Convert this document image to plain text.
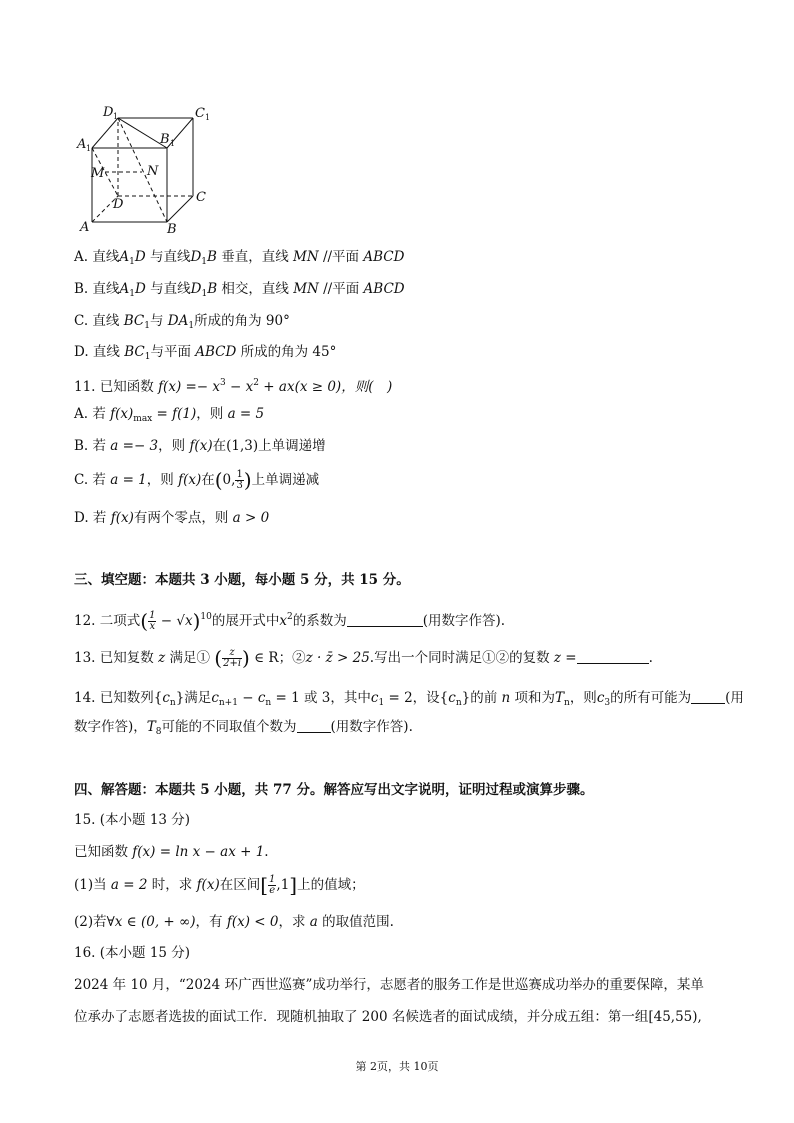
D 1	C 1
B 1
A 1
M	N
D	C
A	B
A. 直线$A_1D$ 与直线$D_1B$ 垂直，直线 MN //平面 ABCD
B. 直线$A_1D$ 与直线$D_1B$ 相交，直线 MN //平面 ABCD
C. 直线 $BC_1$与 $DA_1$所成的角为 90°
D. 直线 $BC_1$与平面 ABCD 所成的角为 45°
11. 已知函数 $f(x) =- x^3 - x^2 + ax(x \ge 0)$，则(　)
A. 若 $f(x)_{max} = f(1)$，则 a = 5
B. 若 a =− 3，则 f(x)在(1,3)上单调递增
C. 若 a = 1，则 f(x)在(0, $\frac{1}{3}$ )上单调递减
D. 若 f(x)有两个零点，则 a > 0
三、填空题：本题共 3 小题，每小题 5 分，共 15 分。
12. 二项式( $\frac{1}{x} - √x)^{10}$的展开式中$x^2$的系数为	(用数字作答).
13. 已知复数 z 满足① ( $\frac{z}{2+i}$ ) ∈ R；②z · z̄ > 25.写出一个同时满足①②的复数 z =	.
14. 已知数列$\{c_n\}$满足$c_{n+1} - c_n = 1$ 或 3，其中$c_1 = 2$，设$\{c_n\}$的前 n 项和为$T_n$，则$c_3$的所有可能为	(用
数字作答)，$T_8$可能的不同取值个数为	(用数字作答).
四、解答题：本题共 5 小题，共 77 分。解答应写出文字说明，证明过程或演算步骤。
15. (本小题 13 分)
已知函数 f(x) = ln x − ax + 1.
(1)当 a = 2 时，求 f(x)在区间[ $\frac{1}{e} ,1$]上的值域；
(2)若∀x ∈ (0, + ∞)，有 f(x) < 0，求 a 的取值范围.
16. (本小题 15 分)
2024 年 10 月，“2024 环广西世巡赛”成功举行，志愿者的服务工作是世巡赛成功举办的重要保障，某单
位承办了志愿者选拔的面试工作．现随机抽取了 200 名候选者的面试成绩，并分成五组：第一组[45,55),
第 2页，共 10页
